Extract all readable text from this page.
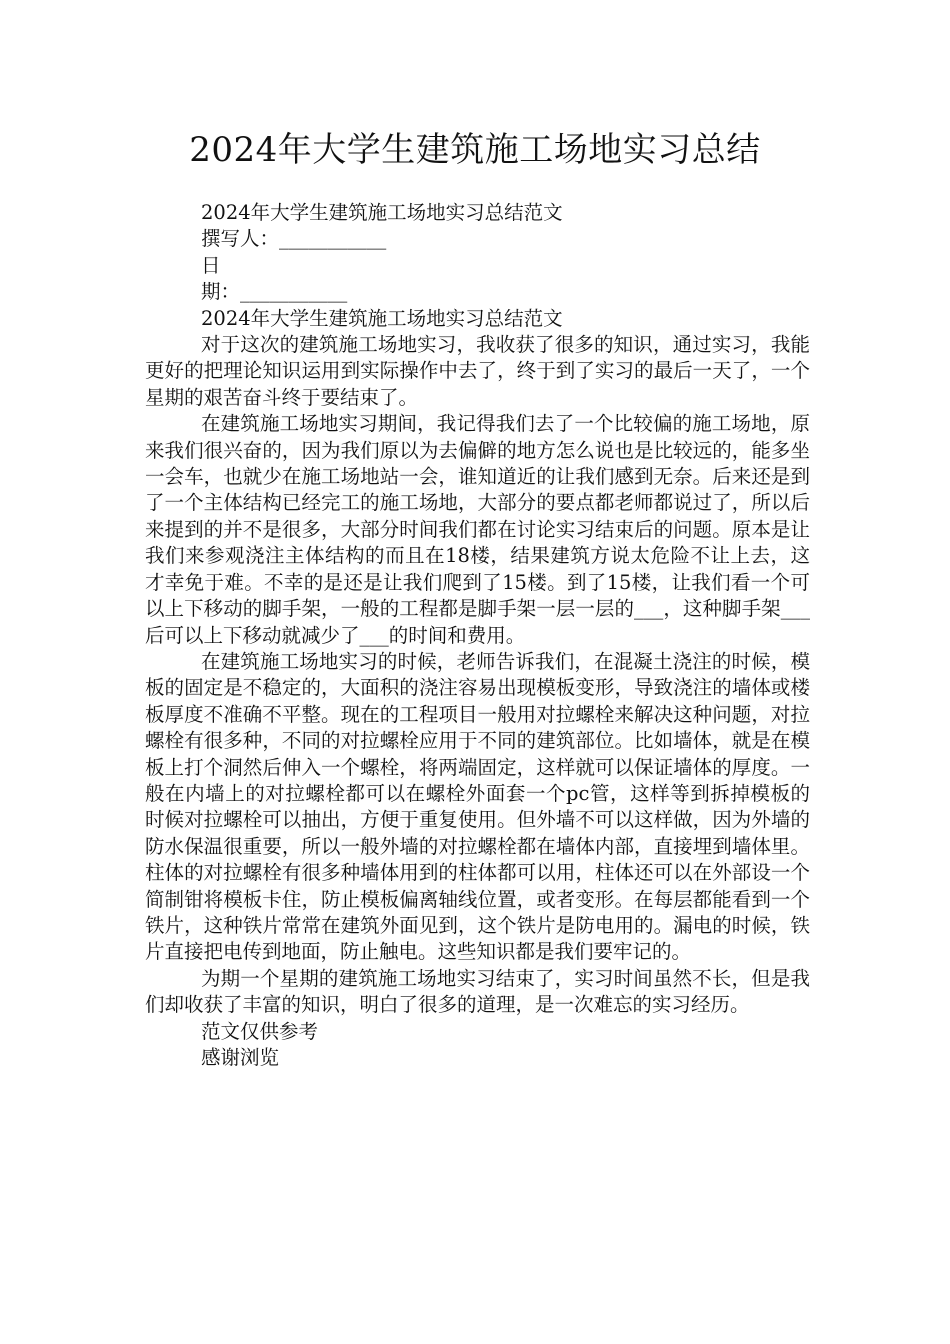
2024年大学生建筑施工场地实习总结

2024年大学生建筑施工场地实习总结范文

撰写人：___________

日

期：___________

2024年大学生建筑施工场地实习总结范文

对于这次的建筑施工场地实习，我收获了很多的知识，通过实习，我能更好的把理论知识运用到实际操作中去了，终于到了实习的最后一天了，一个星期的艰苦奋斗终于要结束了。

在建筑施工场地实习期间，我记得我们去了一个比较偏的施工场地，原来我们很兴奋的，因为我们原以为去偏僻的地方怎么说也是比较远的，能多坐一会车，也就少在施工场地站一会，谁知道近的让我们感到无奈。后来还是到了一个主体结构已经完工的施工场地，大部分的要点都老师都说过了，所以后来提到的并不是很多，大部分时间我们都在讨论实习结束后的问题。原本是让我们来参观浇注主体结构的而且在18楼，结果建筑方说太危险不让上去，这才幸免于难。不幸的是还是让我们爬到了15楼。到了15楼，让我们看一个可以上下移动的脚手架，一般的工程都是脚手架一层一层的___，这种脚手架___后可以上下移动就减少了___的时间和费用。

在建筑施工场地实习的时候，老师告诉我们，在混凝土浇注的时候，模板的固定是不稳定的，大面积的浇注容易出现模板变形，导致浇注的墙体或楼板厚度不准确不平整。现在的工程项目一般用对拉螺栓来解决这种问题，对拉螺栓有很多种，不同的对拉螺栓应用于不同的建筑部位。比如墙体，就是在模板上打个洞然后伸入一个螺栓，将两端固定，这样就可以保证墙体的厚度。一般在内墙上的对拉螺栓都可以在螺栓外面套一个pc管，这样等到拆掉模板的时候对拉螺栓可以抽出，方便于重复使用。但外墙不可以这样做，因为外墙的防水保温很重要，所以一般外墙的对拉螺栓都在墙体内部，直接埋到墙体里。柱体的对拉螺栓有很多种墙体用到的柱体都可以用，柱体还可以在外部设一个简制钳将模板卡住，防止模板偏离轴线位置，或者变形。在每层都能看到一个铁片，这种铁片常常在建筑外面见到，这个铁片是防电用的。漏电的时候，铁片直接把电传到地面，防止触电。这些知识都是我们要牢记的。

为期一个星期的建筑施工场地实习结束了，实习时间虽然不长，但是我们却收获了丰富的知识，明白了很多的道理，是一次难忘的实习经历。

范文仅供参考

感谢浏览
